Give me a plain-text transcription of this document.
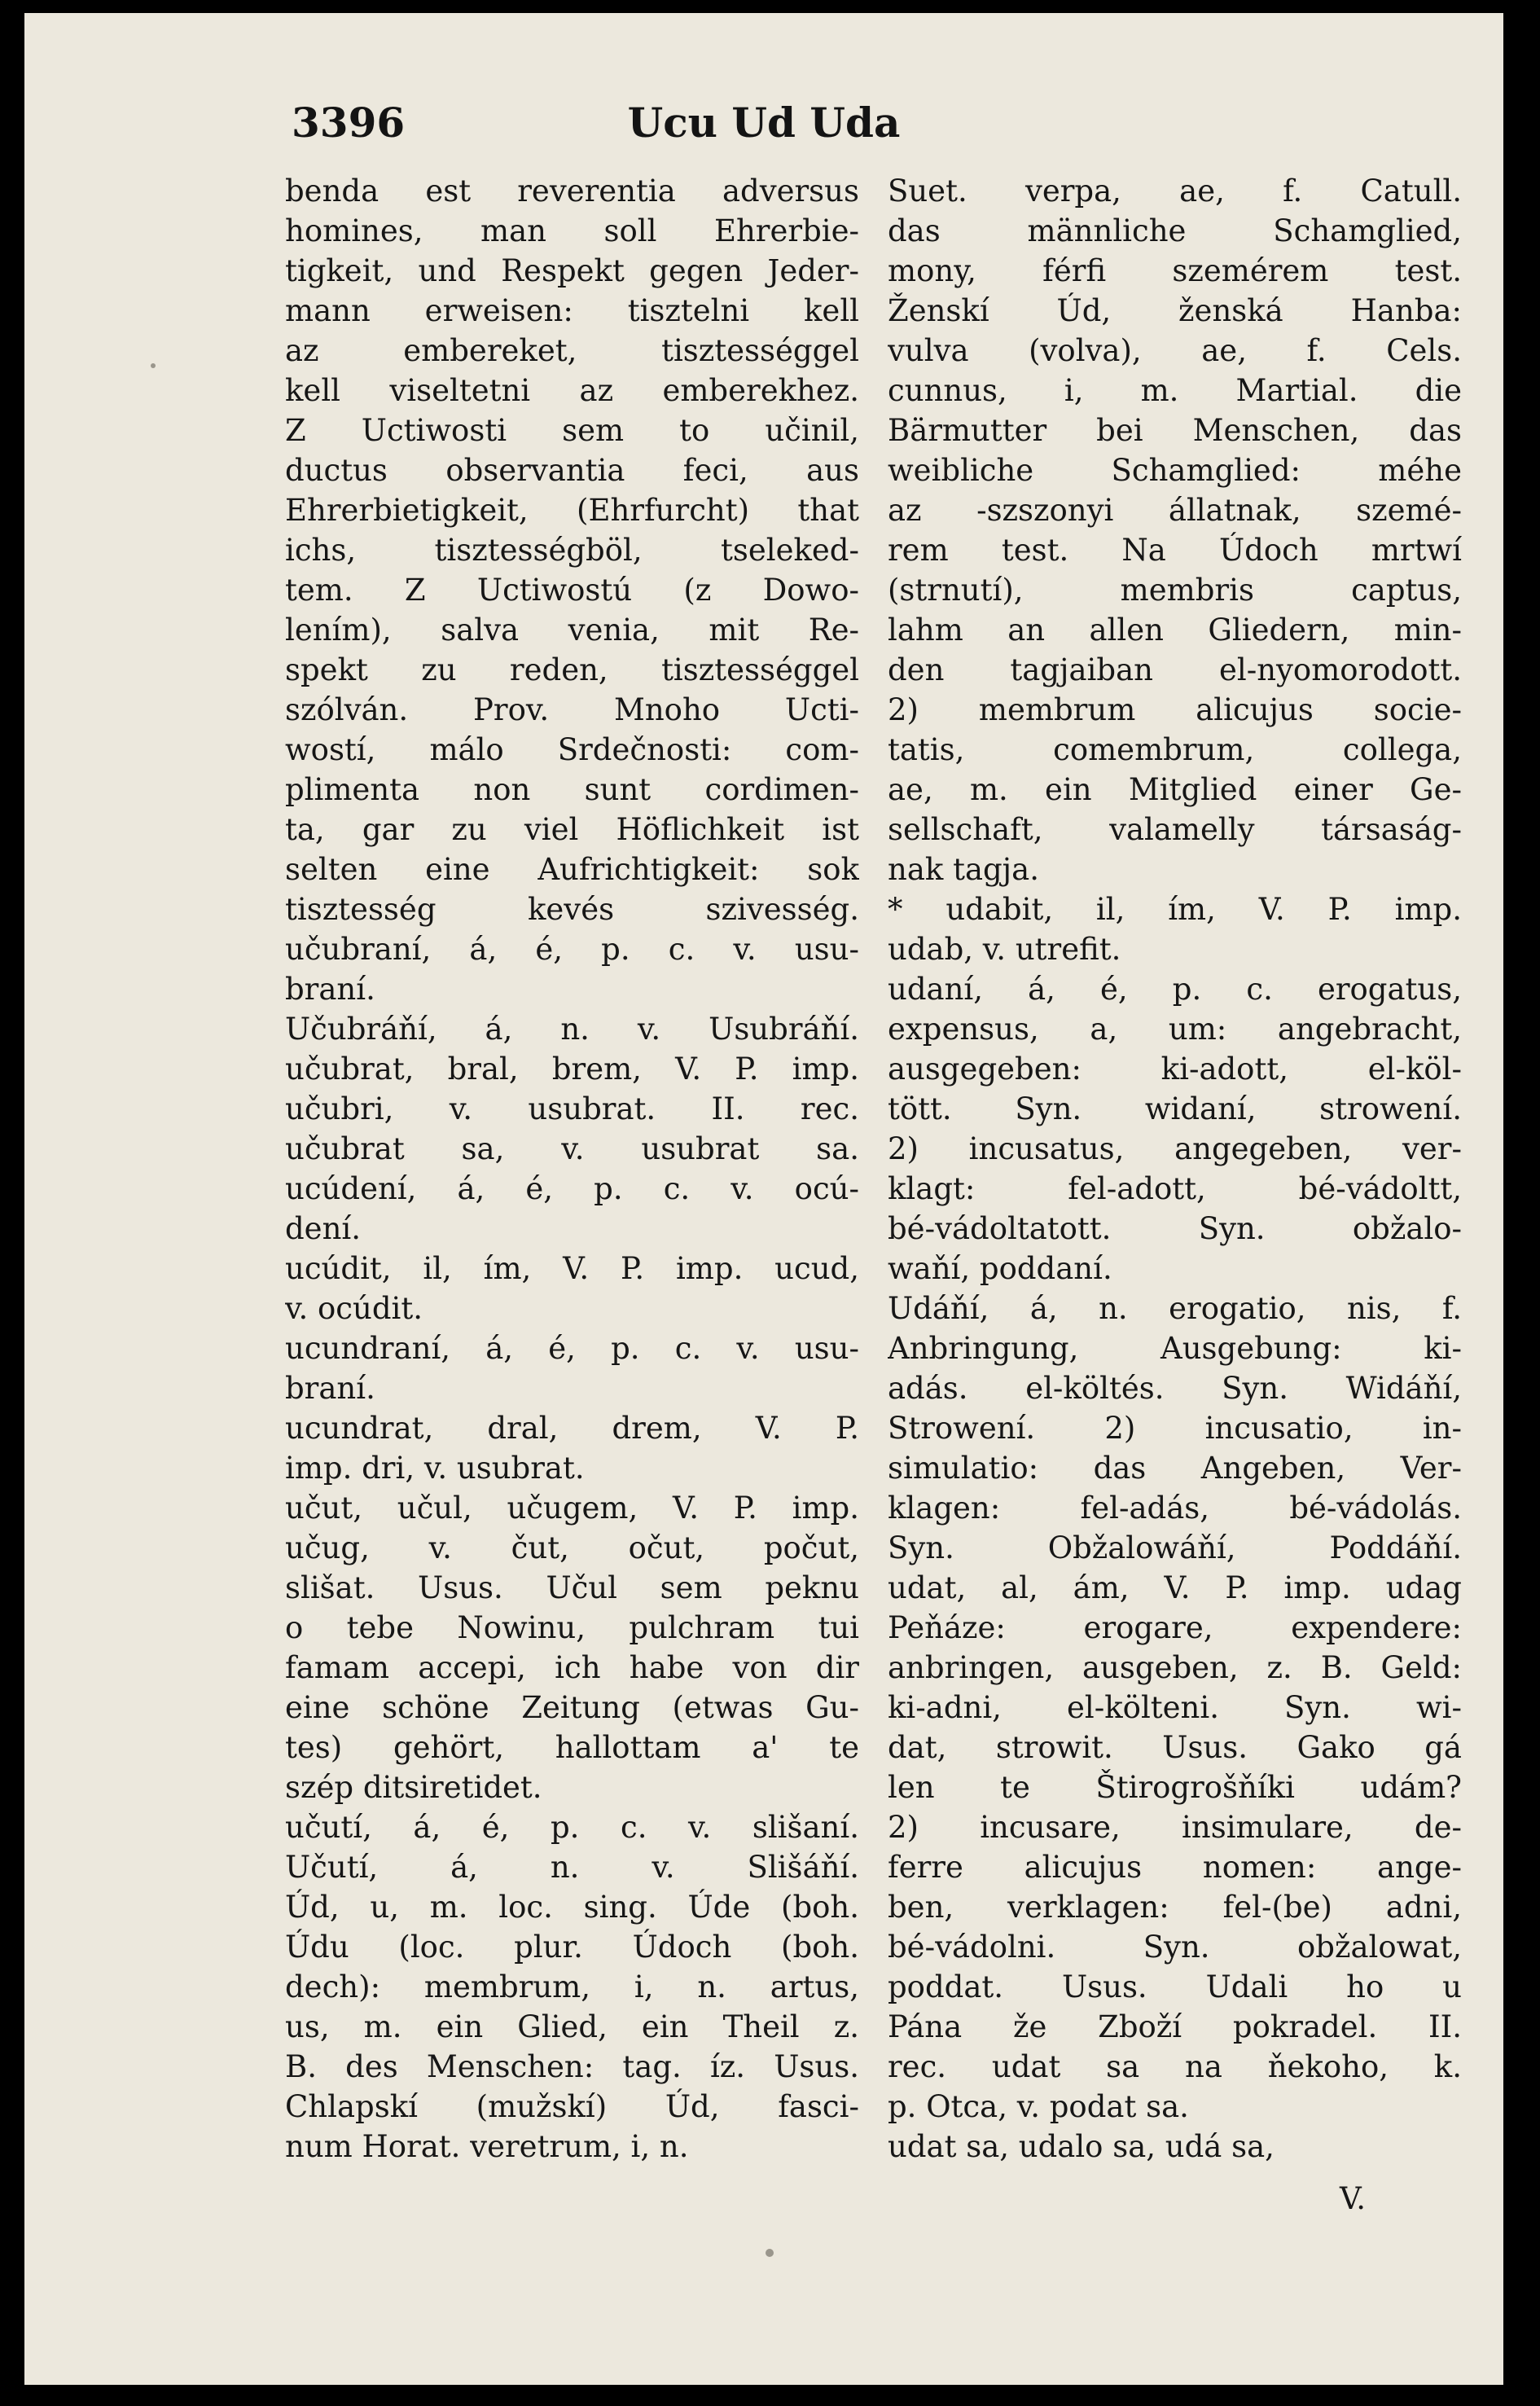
3396	Ucu Ud Uda
benda est reverentia adversus
homines, man soll Ehrerbie-
tigkeit, und Respekt gegen Jeder-
mann erweisen: tisztelni kell
az embereket, tisztességgel
kell viseltetni az emberekhez.
Z Uctiwosti sem to učinil,
ductus observantia feci, aus
Ehrerbietigkeit, (Ehrfurcht) that
ichs, tisztességböl, tseleked-
tem. Z Uctiwostú (z Dowo-
lením), salva venia, mit Re-
spekt zu reden, tisztességgel
szólván. Prov. Mnoho Ucti-
wostí, málo Srdečnosti: com-
plimenta non sunt cordimen-
ta, gar zu viel Höflichkeit ist
selten eine Aufrichtigkeit: sok
tisztesség kevés szivesség.
učubraní, á, é, p. c. v. usu-
braní.
Učubráňí, á, n. v. Usubráňí.
učubrat, bral, brem, V. P. imp.
učubri, v. usubrat. II. rec.
učubrat sa, v. usubrat sa.
ucúdení, á, é, p. c. v. ocú-
dení.
ucúdit, il, ím, V. P. imp. ucud,
v. ocúdit.
ucundraní, á, é, p. c. v. usu-
braní.
ucundrat, dral, drem, V. P.
imp. dri, v. usubrat.
učut, učul, učugem, V. P. imp.
učug, v. čut, očut, počut,
slišat. Usus. Učul sem peknu
o tebe Nowinu, pulchram tui
famam accepi, ich habe von dir
eine schöne Zeitung (etwas Gu-
tes) gehört, hallottam a' te
szép ditsiretidet.
učutí, á, é, p. c. v. slišaní.
Učutí, á, n. v. Slišáňí.
Úd, u, m. loc. sing. Úde (boh.
Údu (loc. plur. Údoch (boh.
dech): membrum, i, n. artus,
us, m. ein Glied, ein Theil z.
B. des Menschen: tag. íz. Usus.
Chlapskí (mužskí) Úd, fasci-
num Horat. veretrum, i, n.
Suet. verpa, ae, f. Catull.
das männliche Schamglied,
mony, férfi szemérem test.
Ženskí Úd, ženská Hanba:
vulva (volva), ae, f. Cels.
cunnus, i, m. Martial. die
Bärmutter bei Menschen, das
weibliche Schamglied: méhe
az -szszonyi állatnak, szemé-
rem test. Na Údoch mrtwí
(strnutí), membris captus,
lahm an allen Gliedern, min-
den tagjaiban el-nyomorodott.
2) membrum alicujus socie-
tatis, comembrum, collega,
ae, m. ein Mitglied einer Ge-
sellschaft, valamelly társaság-
nak tagja.
* udabit, il, ím, V. P. imp.
udab, v. utrefit.
udaní, á, é, p. c. erogatus,
expensus, a, um: angebracht,
ausgegeben: ki-adott, el-köl-
tött. Syn. widaní, strowení.
2) incusatus, angegeben, ver-
klagt: fel-adott, bé-vádoltt,
bé-vádoltatott. Syn. obžalo-
waňí, poddaní.
Udáňí, á, n. erogatio, nis, f.
Anbringung, Ausgebung: ki-
adás. el-költés. Syn. Widáňí,
Strowení. 2) incusatio, in-
simulatio: das Angeben, Ver-
klagen: fel-adás, bé-vádolás.
Syn. Obžalowáňí, Poddáňí.
udat, al, ám, V. P. imp. udag
Peňáze: erogare, expendere:
anbringen, ausgeben, z. B. Geld:
ki-adni, el-költeni. Syn. wi-
dat, strowit. Usus. Gako gá
len te Štirogrošňíki udám?
2) incusare, insimulare, de-
ferre alicujus nomen: ange-
ben, verklagen: fel-(be) adni,
bé-vádolni. Syn. obžalowat,
poddat. Usus. Udali ho u
Pána že Zboží pokradel. II.
rec. udat sa na ňekoho, k.
p. Otca, v. podat sa.
udat sa, udalo sa, udá sa,
V.
